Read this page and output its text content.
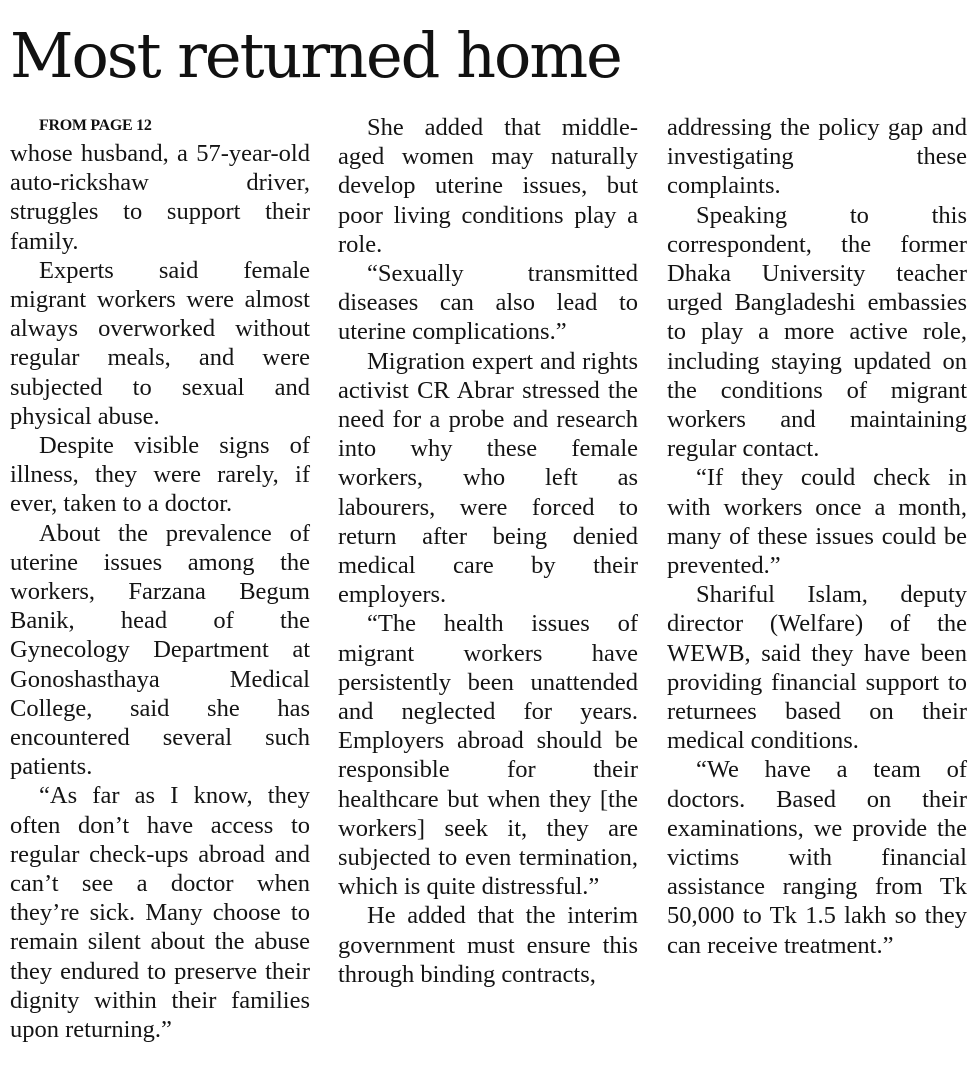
Most returned home

FROM PAGE 12

whose husband, a 57-year-old auto-rickshaw driver, struggles to support their family.

Experts said female migrant workers were almost always overworked without regular meals, and were subjected to sexual and physical abuse.

Despite visible signs of illness, they were rarely, if ever, taken to a doctor.

About the prevalence of uterine issues among the workers, Farzana Begum Banik, head of the Gynecology Department at Gonoshasthaya Medical College, said she has encountered several such patients.

“As far as I know, they often don’t have access to regular check-ups abroad and can’t see a doctor when they’re sick. Many choose to remain silent about the abuse they endured to preserve their dignity within their families upon returning.”

She added that middle-aged women may naturally develop uterine issues, but poor living conditions play a role.

“Sexually transmitted diseases can also lead to uterine complications.”

Migration expert and rights activist CR Abrar stressed the need for a probe and research into why these female workers, who left as labourers, were forced to return after being denied medical care by their employers.

“The health issues of migrant workers have persistently been unattended and neglected for years. Employers abroad should be responsible for their healthcare but when they [the workers] seek it, they are subjected to even termination, which is quite distressful.”

He added that the interim government must ensure this through binding contracts,

addressing the policy gap and investigating these complaints.

Speaking to this correspondent, the former Dhaka University teacher urged Bangladeshi embassies to play a more active role, including staying updated on the conditions of migrant workers and maintaining regular contact.

“If they could check in with workers once a month, many of these issues could be prevented.”

Shariful Islam, deputy director (Welfare) of the WEWB, said they have been providing financial support to returnees based on their medical conditions.

“We have a team of doctors. Based on their examinations, we provide the victims with financial assistance ranging from Tk 50,000 to Tk 1.5 lakh so they can receive treatment.”
